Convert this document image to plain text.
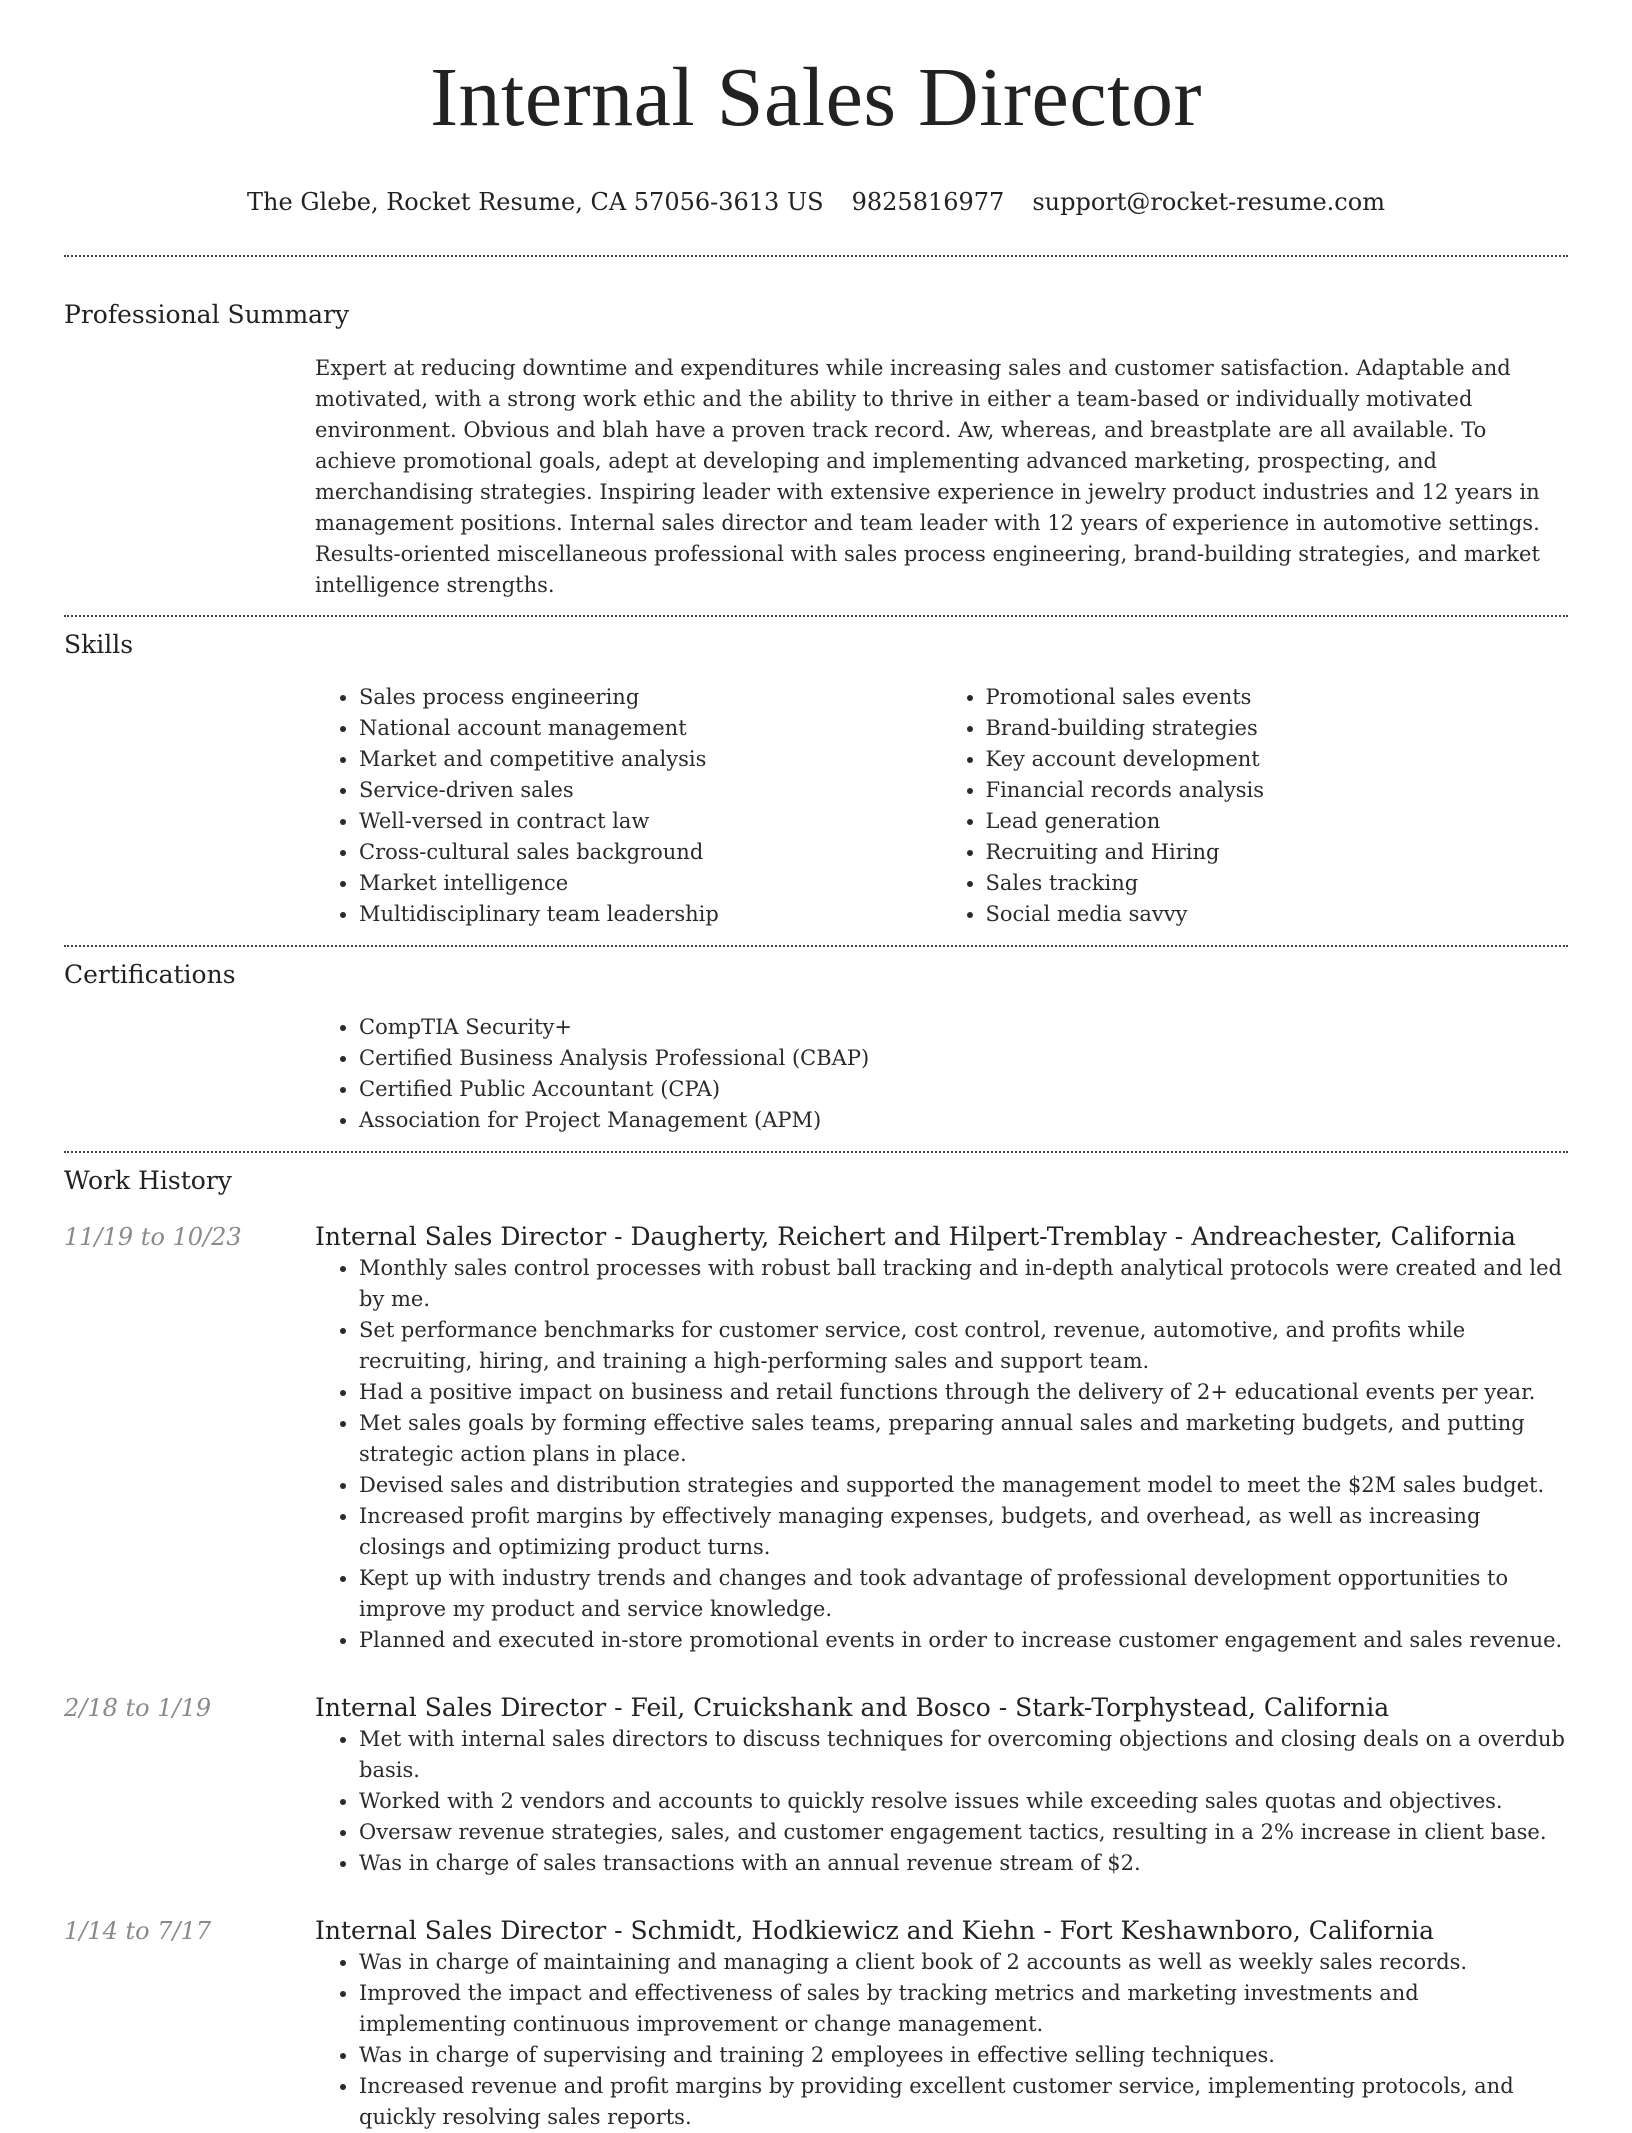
Internal Sales Director
The Glebe, Rocket Resume, CA 57056-3613 US 9825816977 support@rocket-resume.com
Professional Summary

Expert at reducing downtime and expenditures while increasing sales and customer satisfaction. Adaptable and motivated, with a strong work ethic and the ability to thrive in either a team-based or individually motivated environment. Obvious and blah have a proven track record. Aw, whereas, and breastplate are all available. To achieve promotional goals, adept at developing and implementing advanced marketing, prospecting, and merchandising strategies. Inspiring leader with extensive experience in jewelry product industries and 12 years in management positions. Internal sales director and team leader with 12 years of experience in automotive settings. Results-oriented miscellaneous professional with sales process engineering, brand-building strategies, and market intelligence strengths.

Skills
• Sales process engineering
• National account management
• Market and competitive analysis
• Service-driven sales
• Well-versed in contract law
• Cross-cultural sales background
• Market intelligence
• Multidisciplinary team leadership
• Promotional sales events
• Brand-building strategies
• Key account development
• Financial records analysis
• Lead generation
• Recruiting and Hiring
• Sales tracking
• Social media savvy
Certifications
• CompTIA Security+
• Certified Business Analysis Professional (CBAP)
• Certified Public Accountant (CPA)
• Association for Project Management (APM)
Work History
11/19 to 10/23	Internal Sales Director - Daugherty, Reichert and Hilpert-Tremblay - Andreachester, California
• Monthly sales control processes with robust ball tracking and in-depth analytical protocols were created and led by me.
• Set performance benchmarks for customer service, cost control, revenue, automotive, and profits while recruiting, hiring, and training a high-performing sales and support team.
• Had a positive impact on business and retail functions through the delivery of 2+ educational events per year.
• Met sales goals by forming effective sales teams, preparing annual sales and marketing budgets, and putting strategic action plans in place.
• Devised sales and distribution strategies and supported the management model to meet the $2M sales budget.
• Increased profit margins by effectively managing expenses, budgets, and overhead, as well as increasing closings and optimizing product turns.
• Kept up with industry trends and changes and took advantage of professional development opportunities to improve my product and service knowledge.
• Planned and executed in-store promotional events in order to increase customer engagement and sales revenue.
2/18 to 1/19	Internal Sales Director - Feil, Cruickshank and Bosco - Stark-Torphystead, California
• Met with internal sales directors to discuss techniques for overcoming objections and closing deals on a overdub basis.
• Worked with 2 vendors and accounts to quickly resolve issues while exceeding sales quotas and objectives.
• Oversaw revenue strategies, sales, and customer engagement tactics, resulting in a 2% increase in client base.
• Was in charge of sales transactions with an annual revenue stream of $2.
1/14 to 7/17	Internal Sales Director - Schmidt, Hodkiewicz and Kiehn - Fort Keshawnboro, California
• Was in charge of maintaining and managing a client book of 2 accounts as well as weekly sales records.
• Improved the impact and effectiveness of sales by tracking metrics and marketing investments and implementing continuous improvement or change management.
• Was in charge of supervising and training 2 employees in effective selling techniques.
• Increased revenue and profit margins by providing excellent customer service, implementing protocols, and quickly resolving sales reports.
